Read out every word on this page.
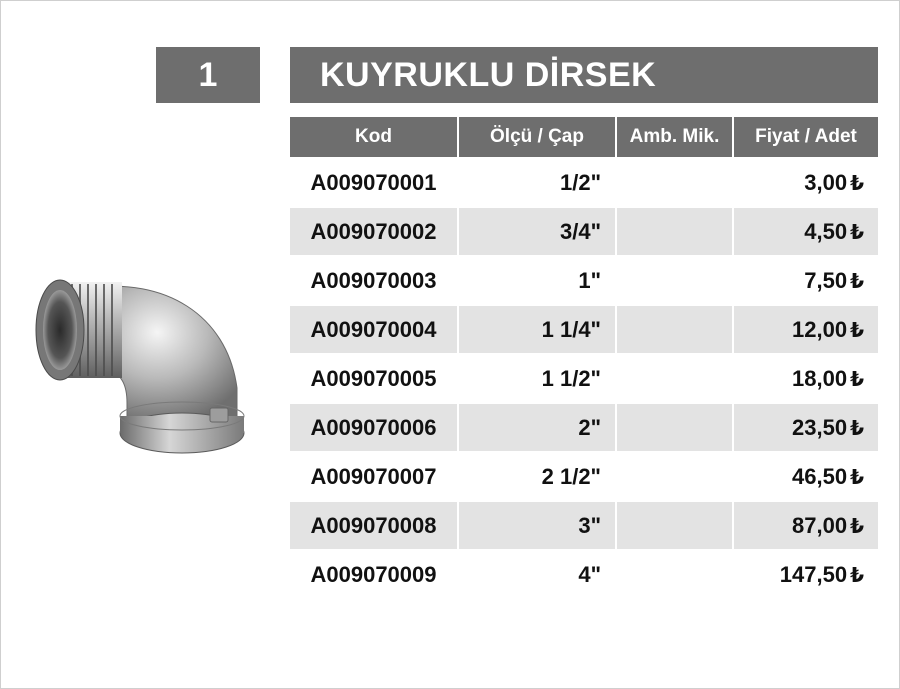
1	KUYRUKLU DİRSEK
Kod	Ölçü / Çap	Amb. Mik.	Fiyat / Adet
A009070001	1/2"		3,00 ₺
A009070002	3/4"		4,50 ₺
A009070003	1"		7,50 ₺
A009070004	1 1/4"		12,00 ₺
A009070005	1 1/2"		18,00 ₺
A009070006	2"		23,50 ₺
A009070007	2 1/2"		46,50 ₺
A009070008	3"		87,00 ₺
A009070009	4"		147,50 ₺
